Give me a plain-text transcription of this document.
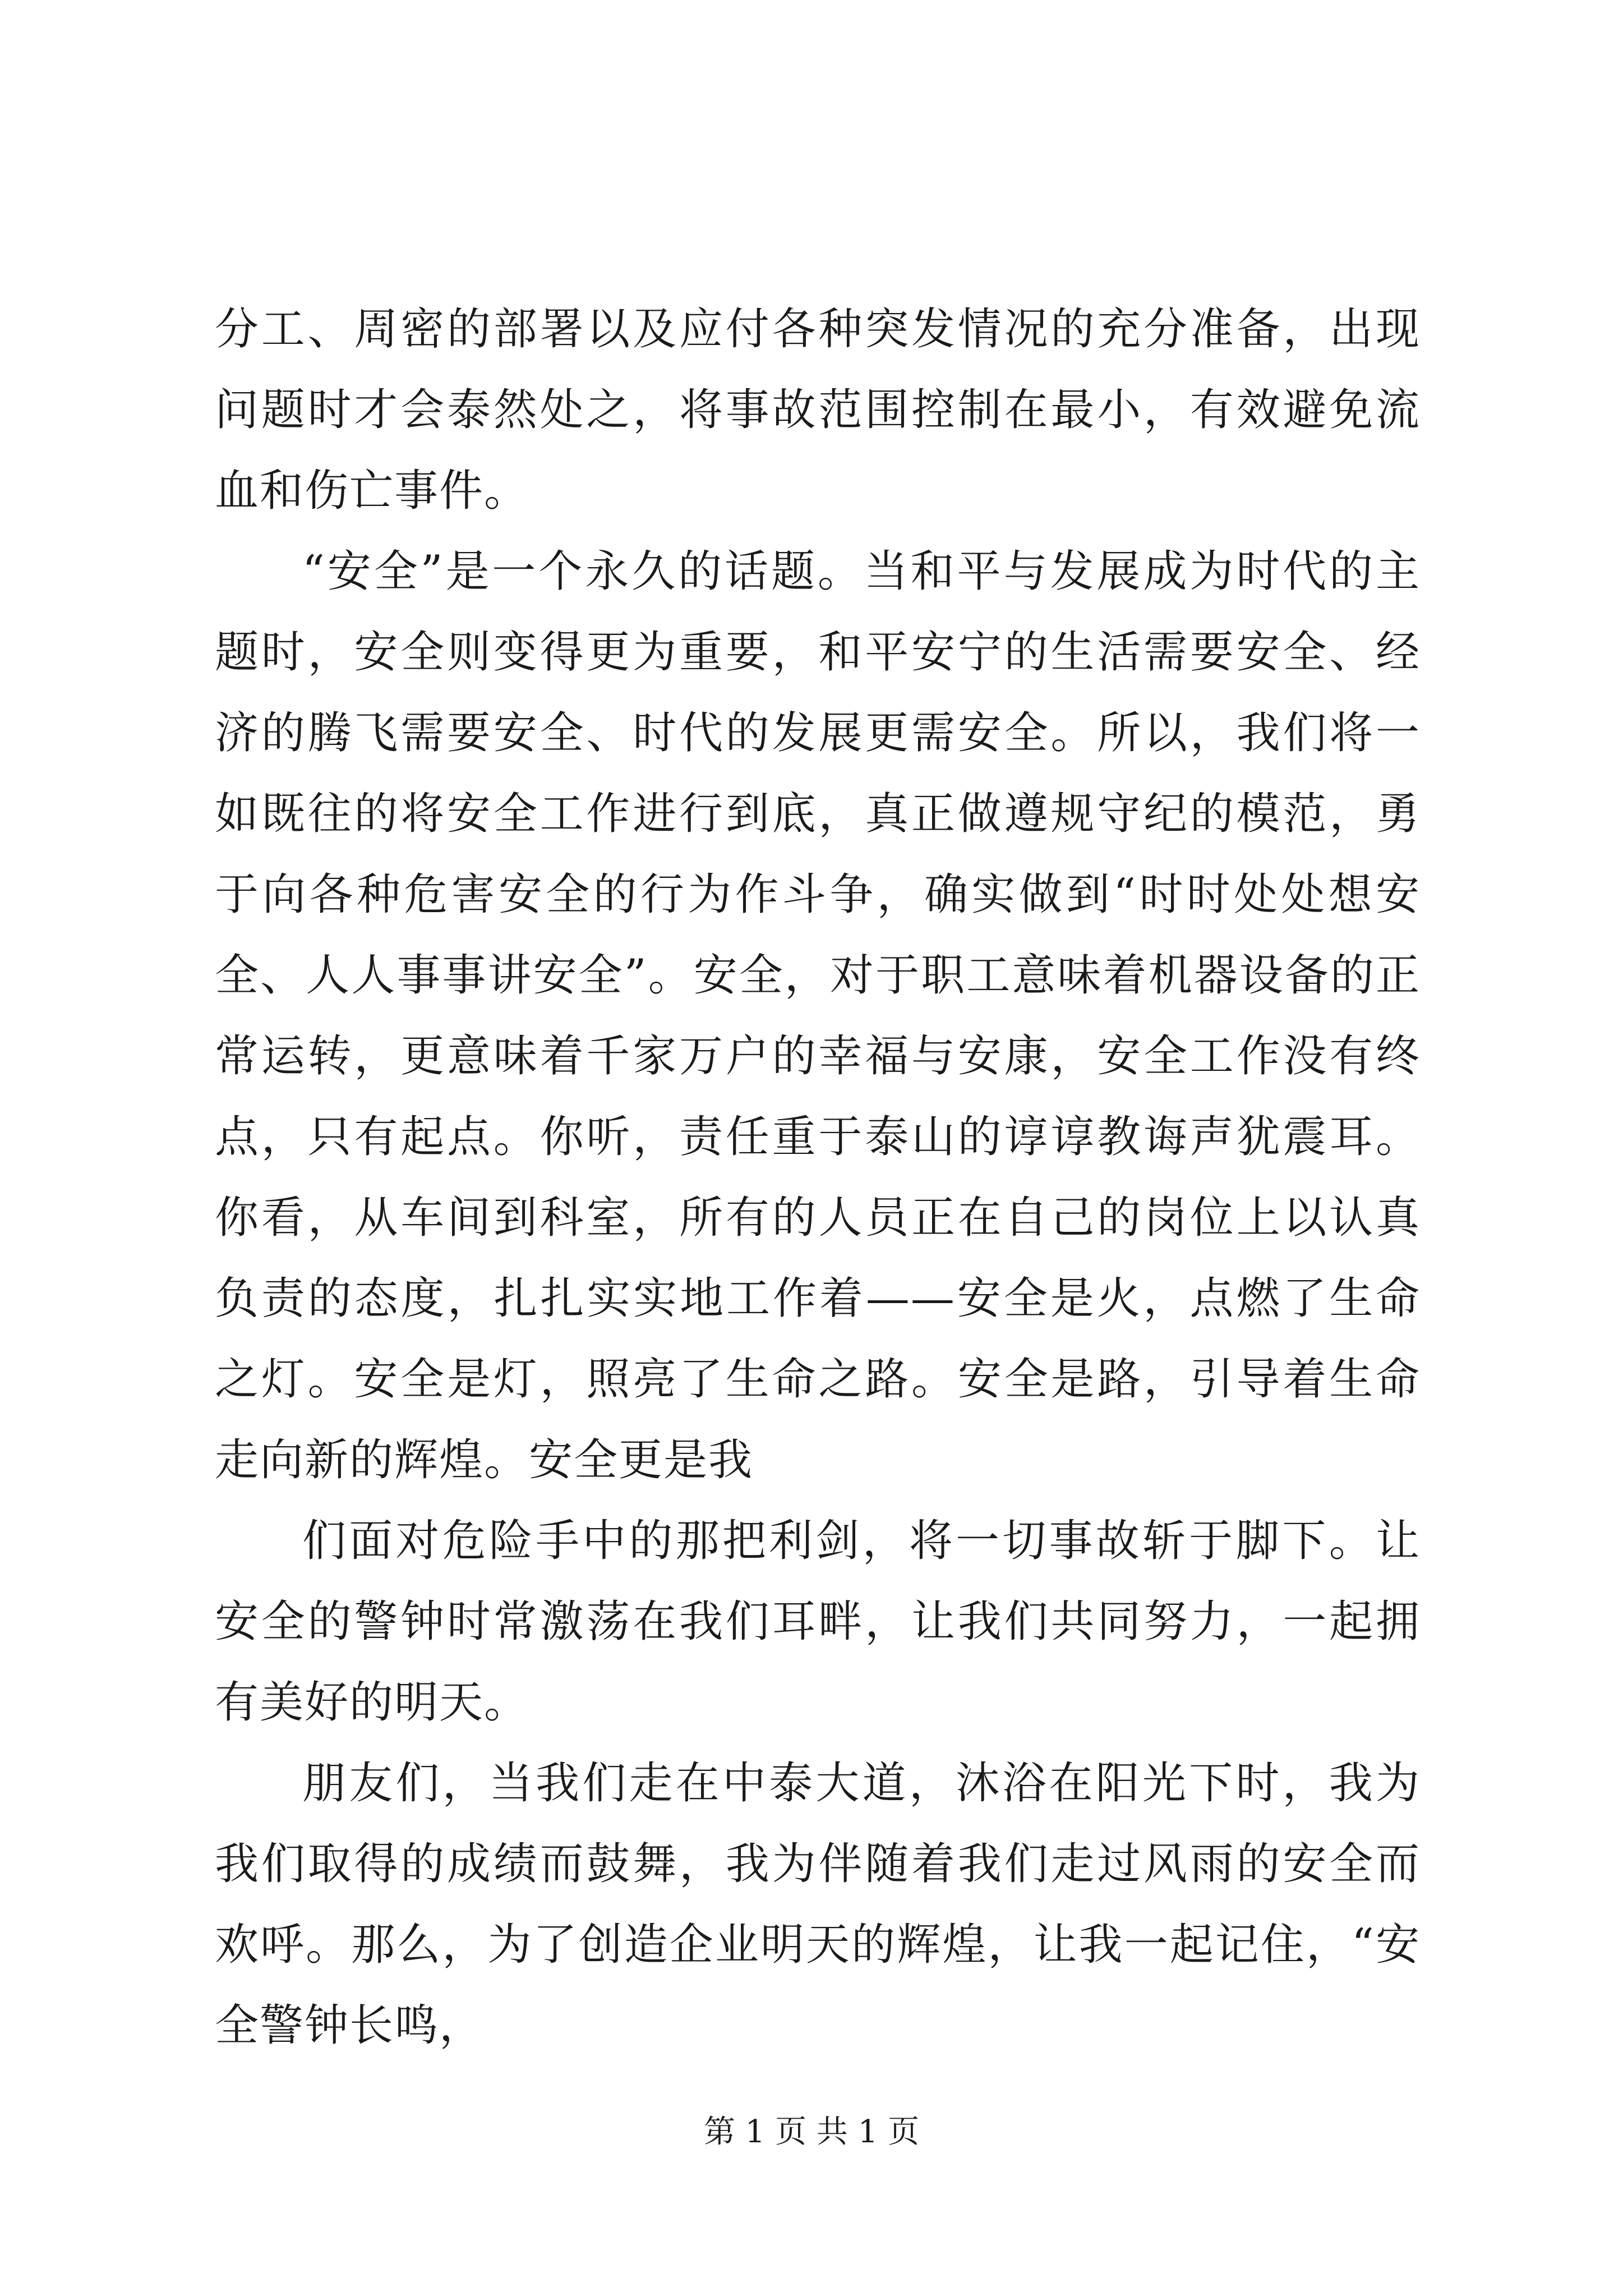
分工、周密的部署以及应付各种突发情况的充分准备，出现问题时才会泰然处之，将事故范围控制在最小，有效避免流血和伤亡事件。

“安全”是一个永久的话题。当和平与发展成为时代的主题时，安全则变得更为重要，和平安宁的生活需要安全、经济的腾飞需要安全、时代的发展更需安全。所以，我们将一如既往的将安全工作进行到底，真正做遵规守纪的模范，勇于向各种危害安全的行为作斗争，确实做到“时时处处想安全、人人事事讲安全”。安全，对于职工意味着机器设备的正常运转，更意味着千家万户的幸福与安康，安全工作没有终点，只有起点。你听，责任重于泰山的谆谆教诲声犹震耳。你看，从车间到科室，所有的人员正在自己的岗位上以认真负责的态度，扎扎实实地工作着——安全是火，点燃了生命之灯。安全是灯，照亮了生命之路。安全是路，引导着生命走向新的辉煌。安全更是我

们面对危险手中的那把利剑，将一切事故斩于脚下。让安全的警钟时常激荡在我们耳畔，让我们共同努力，一起拥有美好的明天。

朋友们，当我们走在中泰大道，沐浴在阳光下时，我为我们取得的成绩而鼓舞，我为伴随着我们走过风雨的安全而欢呼。那么，为了创造企业明天的辉煌，让我一起记住，“安全警钟长鸣，

第 1 页 共 1 页
